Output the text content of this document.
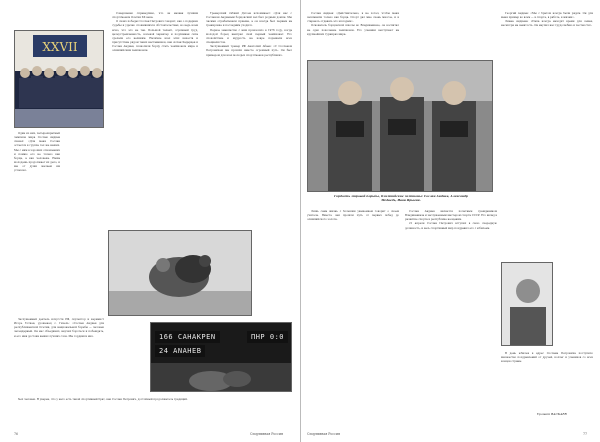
XXVII

Один из них, четырехкратный чемпион мира Сослан Андиев сказал: «Для меня Сослан остается в группе тех же наших. Мы с ним в хороших отношениях и помню его не только как борца, а как человека. Наша молодежь продолжает их дело, и мы от души желаем им успехов».

Заслуженный деятель искусств РФ, скульптор и керамист Игорь Тотиев, уроженец с. Гизель: «Сослан Андиев для республиканской Осетии, для национальной борьбы — человек легендарный. Он нас объединил, научил бороться и побеждать, и его имя достоин ваших лучших слов. Мы гордимся им».

Совершенно справедливо, что он назван лучшим спортсменом Осетии XX века.

О своих победах Сослан Петрович говорит, как о подарках судьбы и удачно сложившихся обстоятельствах, но ведь всем ясно, что это не так. Большой талант, огромный труд, целеустремленность, волевой характер и подлинная сила сделали его великим. Наличие всех этих качеств и присутствие рядом таких наставников, как Аслан Хадарцев и Сослан Андиев, позволили борцу стать чемпионом мира и олимпийским чемпионом.

Тренерский гибкий Дзгоев вспоминает: «Для нас с Сосланом Андиевым борцовский зал был родным домом. Мы часами отрабатывали приемы, а он всегда был первым на тренировке и последним уходил».

Первое знакомство с ним произошло в 1976 году, когда молодой борец выиграл свой первый чемпионат. Его спокойствие и мудрость на ковре поражали всех специалистов.

Заслуженный тренер РФ Анатолий Абаев: «С Сосланом Петровичем мы прошли вместе огромный путь. Он был примером для всех молодых спортсменов республики».

166 CAHAKPEN
24 ANAHEB
ПНР 0:0

был человек. Я уверен, что у него есть такой спортивный брат, как Сослан Петрович, достойный продолжатель традиций.

76	Спортивная Россия

Сослан Андиев: «Действительно, я не хотел, чтобы меня запомнили только как борца. Спорт дал мне очень многое, и я стараюсь отдавать это молодым».

Основатель борцовской школы во Владикавказе, он воспитал не одно поколение чемпионов. Его ученики выступают на крупнейших турнирах мира.

Гордость мировой борьбы, Олимпийские чемпионы: Сослан Андиев, Александр Медведь, Иван Ярыгин.

Лишь сама жизнь с большим уважением говорит о своем учителе. Вместе они прошли путь от первых побед до олимпийского золота.

Сослан Андиев является почетным гражданином Владикавказа и заслуженным мастером спорта СССР. Его вклад в развитие спорта в республике неоценим.

21 апреля Сослан Петрович вступил в свою очередную должность, и весь спортивный мир поздравил его с юбилеем.

Георгий Андиев: «Мы с братом всегда были рядом. Он для меня пример во всем — в спорте, в работе, в жизни».

Лиана Андиева: «Папа всегда находит время для семьи, несмотря на занятость. Он научил нас трудолюбию и честности».

В день юбилея в адрес Сослана Петровича поступило множество поздравлений от друзей, коллег и учеников со всех концов страны.

Урожай ВАСКАЕВ
Спортивная Россия	77
